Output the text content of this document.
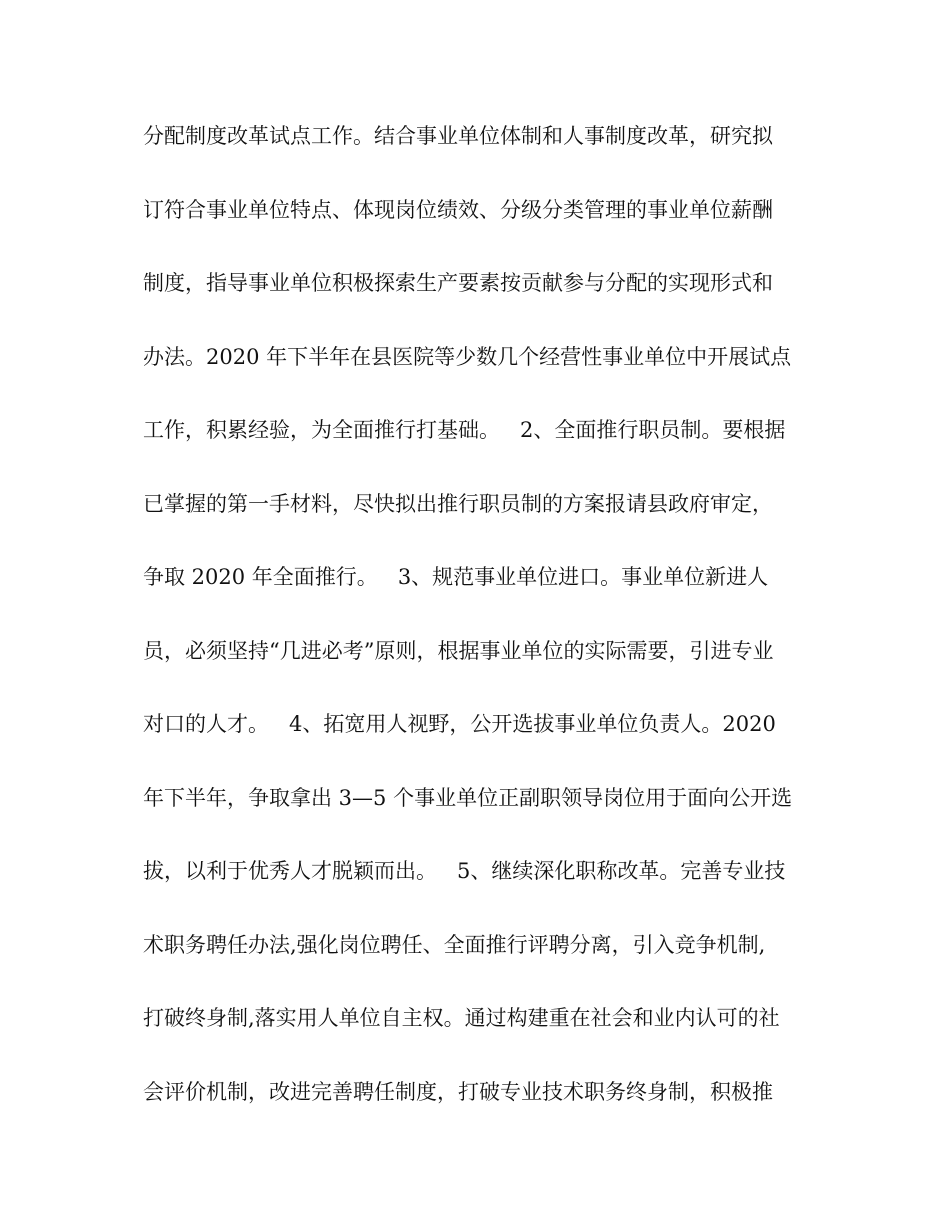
分配制度改革试点工作。结合事业单位体制和人事制度改革，研究拟
订符合事业单位特点、体现岗位绩效、分级分类管理的事业单位薪酬
制度，指导事业单位积极探索生产要素按贡献参与分配的实现形式和
办法。2020 年下半年在县医院等少数几个经营性事业单位中开展试点
工作，积累经验，为全面推行打基础。   2、全面推行职员制。要根据
已掌握的第一手材料，尽快拟出推行职员制的方案报请县政府审定，
争取 2020 年全面推行。   3、规范事业单位进口。事业单位新进人
员，必须坚持“几进必考”原则，根据事业单位的实际需要，引进专业
对口的人才。   4、拓宽用人视野，公开选拔事业单位负责人。2020
年下半年，争取拿出 3—5 个事业单位正副职领导岗位用于面向公开选
拔，以利于优秀人才脱颖而出。   5、继续深化职称改革。完善专业技
术职务聘任办法,强化岗位聘任、全面推行评聘分离，引入竞争机制,
打破终身制,落实用人单位自主权。通过构建重在社会和业内认可的社
会评价机制，改进完善聘任制度，打破专业技术职务终身制，积极推
